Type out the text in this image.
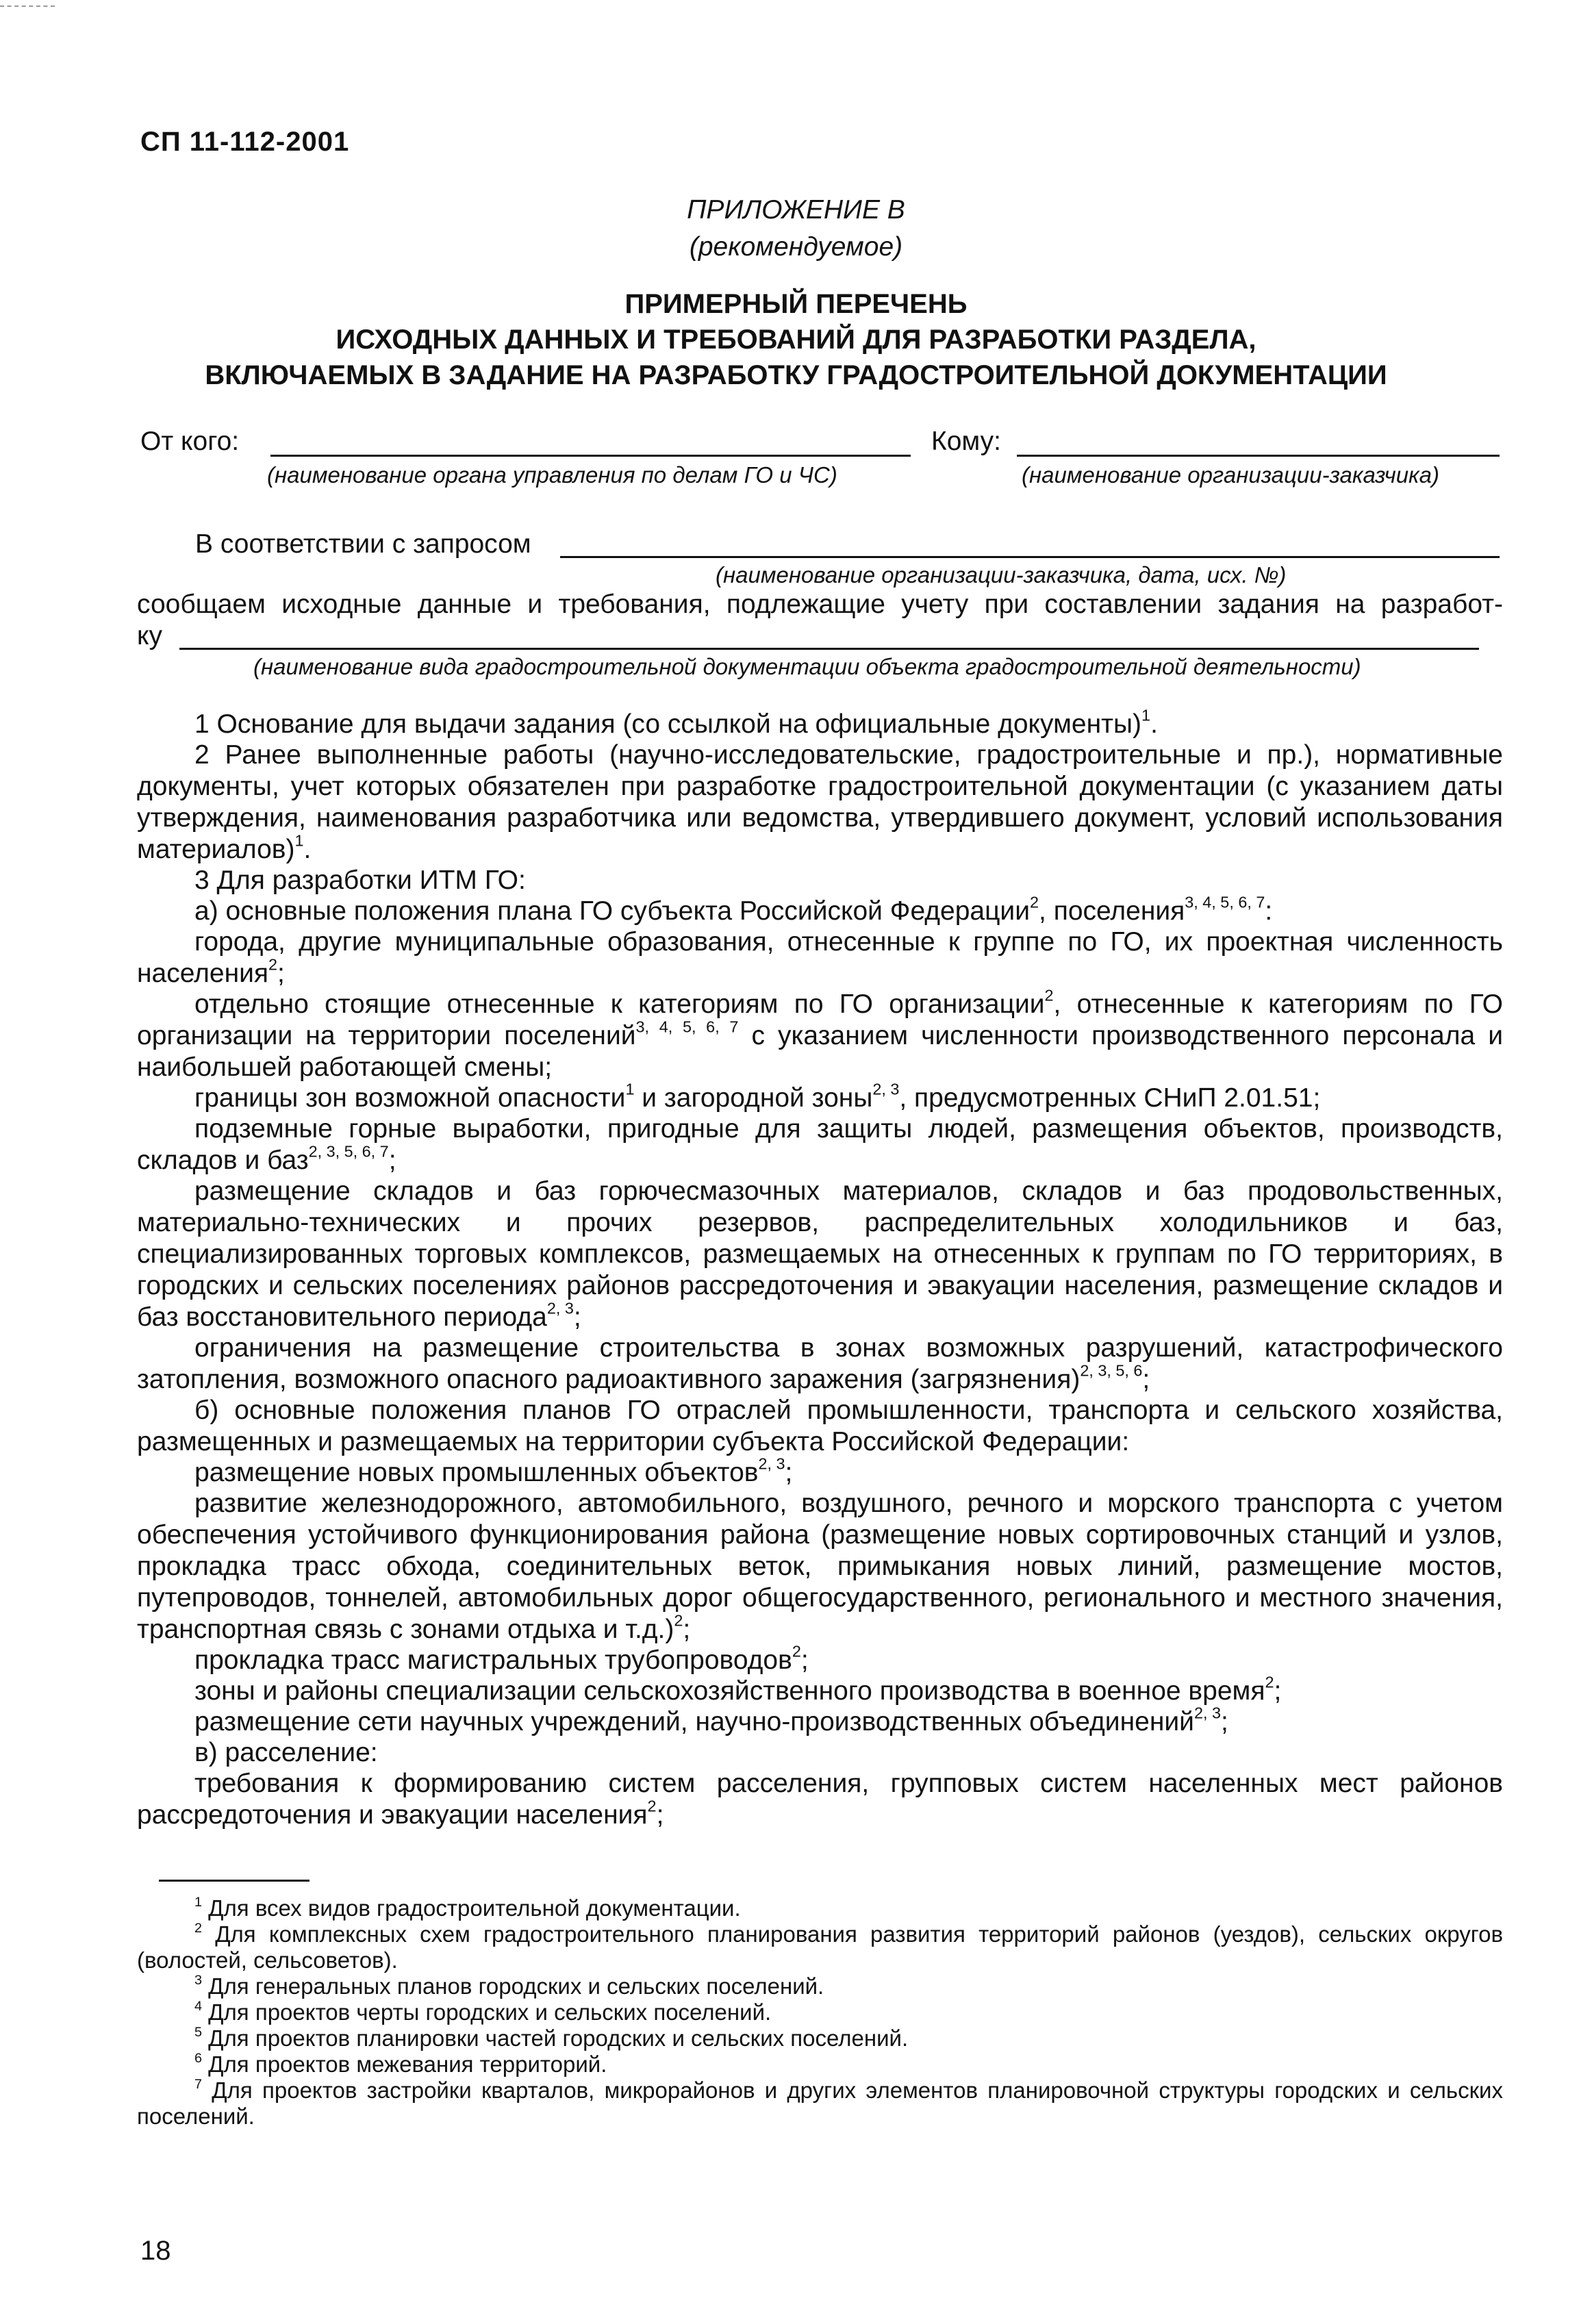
СП 11-112-2001
ПРИЛОЖЕНИЕ В
(рекомендуемое)
ПРИМЕРНЫЙ ПЕРЕЧЕНЬ
ИСХОДНЫХ ДАННЫХ И ТРЕБОВАНИЙ ДЛЯ РАЗРАБОТКИ РАЗДЕЛА,
ВКЛЮЧАЕМЫХ В ЗАДАНИЕ НА РАЗРАБОТКУ ГРАДОСТРОИТЕЛЬНОЙ ДОКУМЕНТАЦИИ
От кого:
(наименование органа управления по делам ГО и ЧС)
Кому:
(наименование организации-заказчика)
В соответствии с запросом
(наименование организации-заказчика, дата, исх. №)
сообщаем исходные данные и требования, подлежащие учету при составлении задания на разработ-
ку
(наименование вида градостроительной документации объекта градостроительной деятельности)

1 Основание для выдачи задания (со ссылкой на официальные документы)$^1$.

2 Ранее выполненные работы (научно-исследовательские, градостроительные и пр.), нормативные документы, учет которых обязателен при разработке градостроительной документации (с указанием даты утверждения, наименования разработчика или ведомства, утвердившего документ, условий использования материалов)$^1$.

3 Для разработки ИТМ ГО:

а) основные положения плана ГО субъекта Российской Федерации$^2$, поселения$^{3, 4, 5, 6, 7}$:

города, другие муниципальные образования, отнесенные к группе по ГО, их проектная численность населения$^2$;

отдельно стоящие отнесенные к категориям по ГО организации$^2$, отнесенные к категориям по ГО организации на территории поселений$^{3, 4, 5, 6, 7}$ с указанием численности производственного персонала и наибольшей работающей смены;

границы зон возможной опасности$^1$ и загородной зоны$^{2, 3}$, предусмотренных СНиП 2.01.51;

подземные горные выработки, пригодные для защиты людей, размещения объектов, производств, складов и баз$^{2, 3, 5, 6, 7}$;

размещение складов и баз горючесмазочных материалов, складов и баз продовольственных, материально-технических и прочих резервов, распределительных холодильников и баз, специализированных торговых комплексов, размещаемых на отнесенных к группам по ГО территориях, в городских и сельских поселениях районов рассредоточения и эвакуации населения, размещение складов и баз восстановительного периода$^{2, 3}$;

ограничения на размещение строительства в зонах возможных разрушений, катастрофического затопления, возможного опасного радиоактивного заражения (загрязнения)$^{2, 3, 5, 6}$;

б) основные положения планов ГО отраслей промышленности, транспорта и сельского хозяйства, размещенных и размещаемых на территории субъекта Российской Федерации:

размещение новых промышленных объектов$^{2, 3}$;

развитие железнодорожного, автомобильного, воздушного, речного и морского транспорта с учетом обеспечения устойчивого функционирования района (размещение новых сортировочных станций и узлов, прокладка трасс обхода, соединительных веток, примыкания новых линий, размещение мостов, путепроводов, тоннелей, автомобильных дорог общегосударственного, регионального и местного значения, транспортная связь с зонами отдыха и т.д.)$^2$;

прокладка трасс магистральных трубопроводов$^2$;

зоны и районы специализации сельскохозяйственного производства в военное время$^2$;

размещение сети научных учреждений, научно-производственных объединений$^{2, 3}$;

в) расселение:

требования к формированию систем расселения, групповых систем населенных мест районов рассредоточения и эвакуации населения$^2$;

$^1$ Для всех видов градостроительной документации.

$^2$ Для комплексных схем градостроительного планирования развития территорий районов (уездов), сельских округов (волостей, сельсоветов).

$^3$ Для генеральных планов городских и сельских поселений.

$^4$ Для проектов черты городских и сельских поселений.

$^5$ Для проектов планировки частей городских и сельских поселений.

$^6$ Для проектов межевания территорий.

$^7$ Для проектов застройки кварталов, микрорайонов и других элементов планировочной структуры городских и сельских поселений.

18
